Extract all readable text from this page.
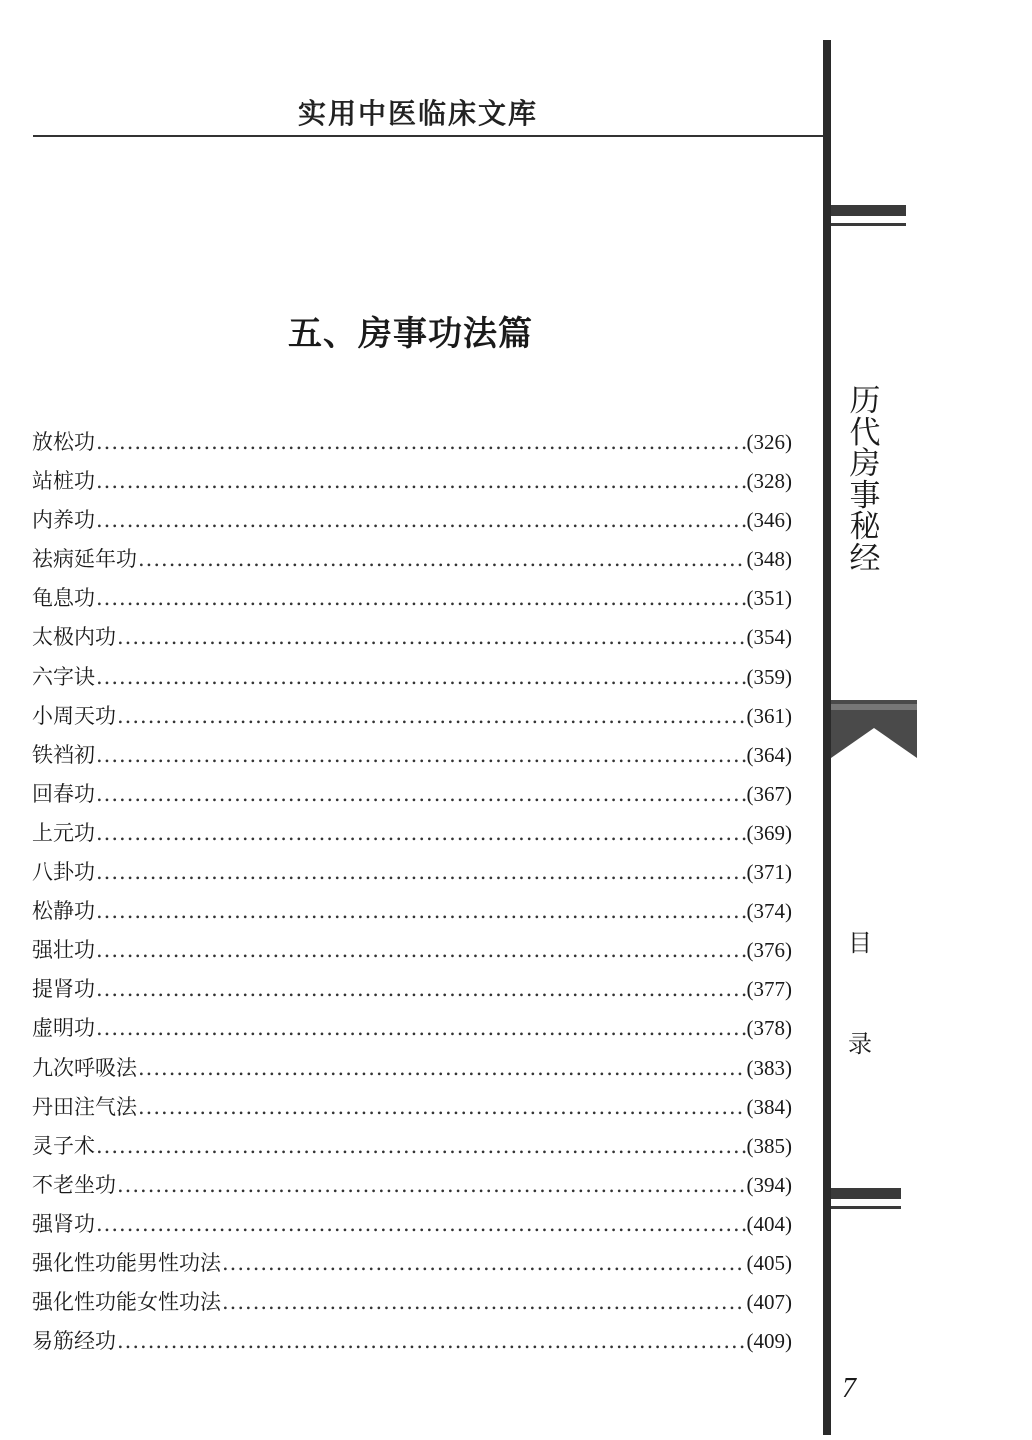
实用中医临床文库
五、房事功法篇
放松功 .....	(326)
站桩功 .....	(328)
内养功 .....	(346)
祛病延年功 .....	(348)
龟息功 .....	(351)
太极内功 .....	(354)
六字诀 .....	(359)
小周天功 .....	(361)
铁裆初 .....	(364)
回春功 .....	(367)
上元功 .....	(369)
八卦功 .....	(371)
松静功 .....	(374)
强壮功 .....	(376)
提肾功 .....	(377)
虚明功 .....	(378)
九次呼吸法 .....	(383)
丹田注气法 .....	(384)
灵子术 .....	(385)
不老坐功 .....	(394)
强肾功 .....	(404)
强化性功能男性功法 .....	(405)
强化性功能女性功法 .....	(407)
易筋经功 .....	(409)
历代房事秘经
目
录
7
